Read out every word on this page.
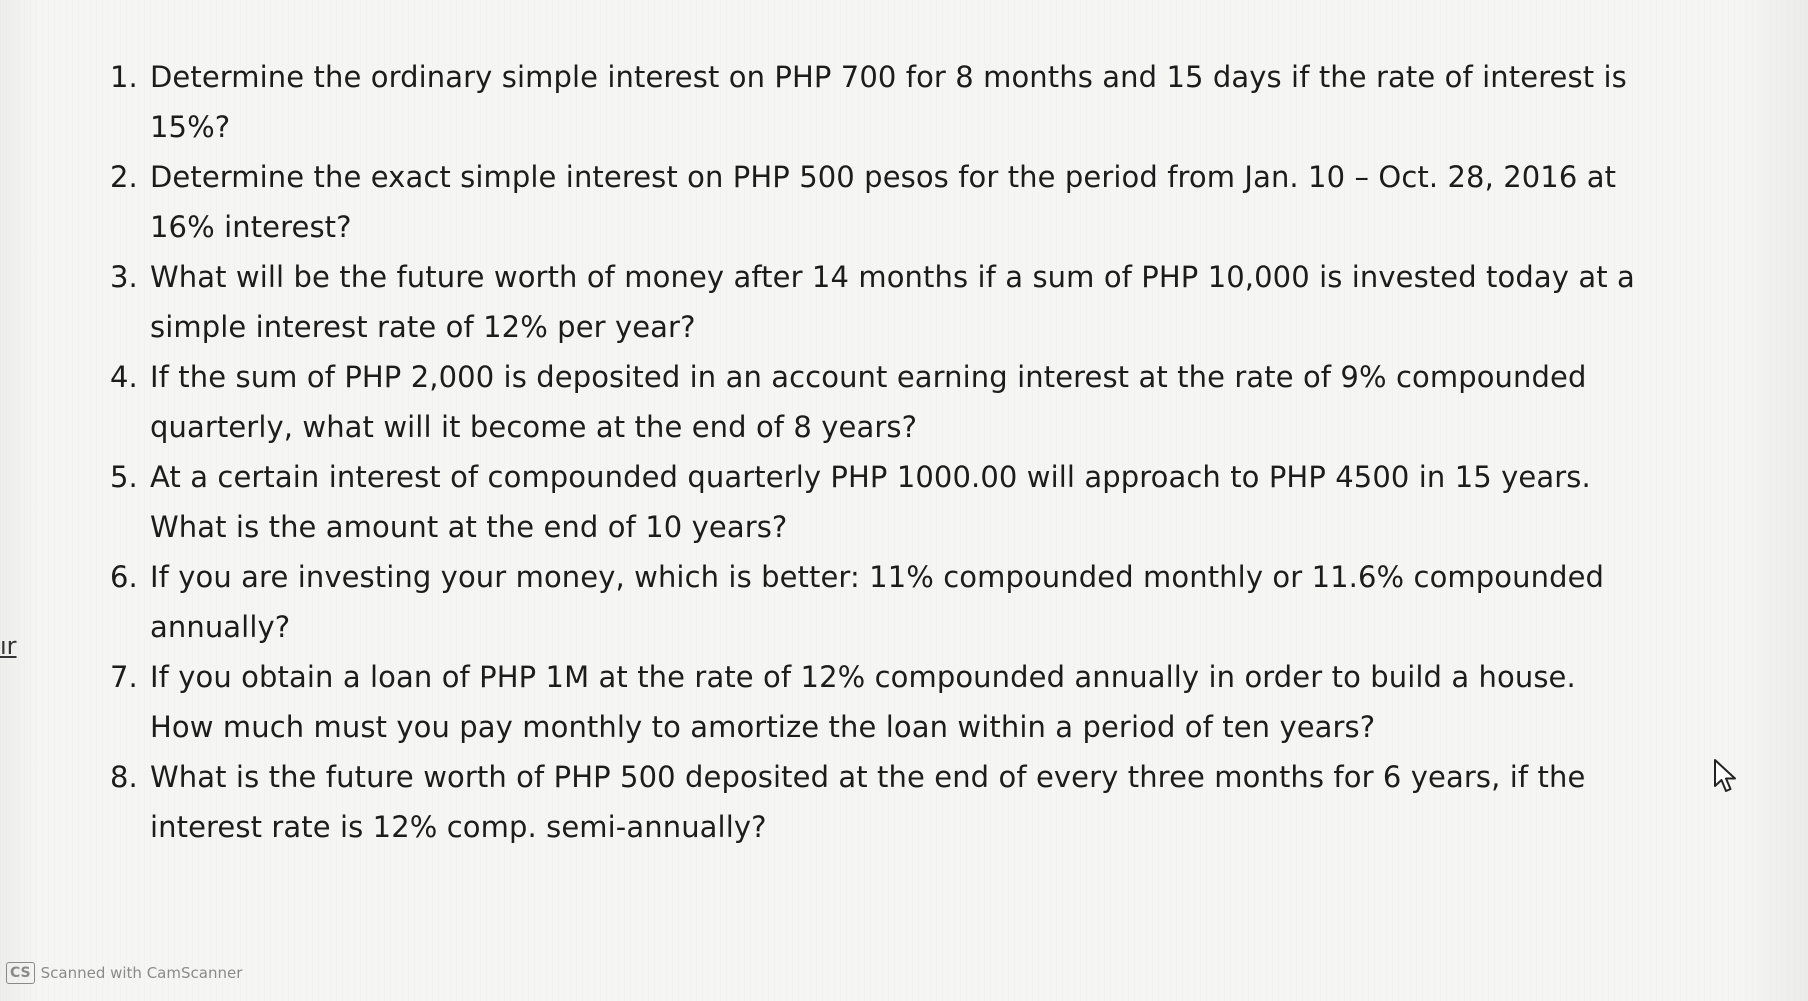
1. Determine the ordinary simple interest on PHP 700 for 8 months and 15 days if the rate of interest is
15%?
2. Determine the exact simple interest on PHP 500 pesos for the period from Jan. 10 – Oct. 28, 2016 at
16% interest?
3. What will be the future worth of money after 14 months if a sum of PHP 10,000 is invested today at a
simple interest rate of 12% per year?
4. If the sum of PHP 2,000 is deposited in an account earning interest at the rate of 9% compounded
quarterly, what will it become at the end of 8 years?
5. At a certain interest of compounded quarterly PHP 1000.00 will approach to PHP 4500 in 15 years.
What is the amount at the end of 10 years?
6. If you are investing your money, which is better: 11% compounded monthly or 11.6% compounded
annually?
7. If you obtain a loan of PHP 1M at the rate of 12% compounded annually in order to build a house.
How much must you pay monthly to amortize the loan within a period of ten years?
8. What is the future worth of PHP 500 deposited at the end of every three months for 6 years, if the
interest rate is 12% comp. semi-annually?
ır
CS Scanned with CamScanner
